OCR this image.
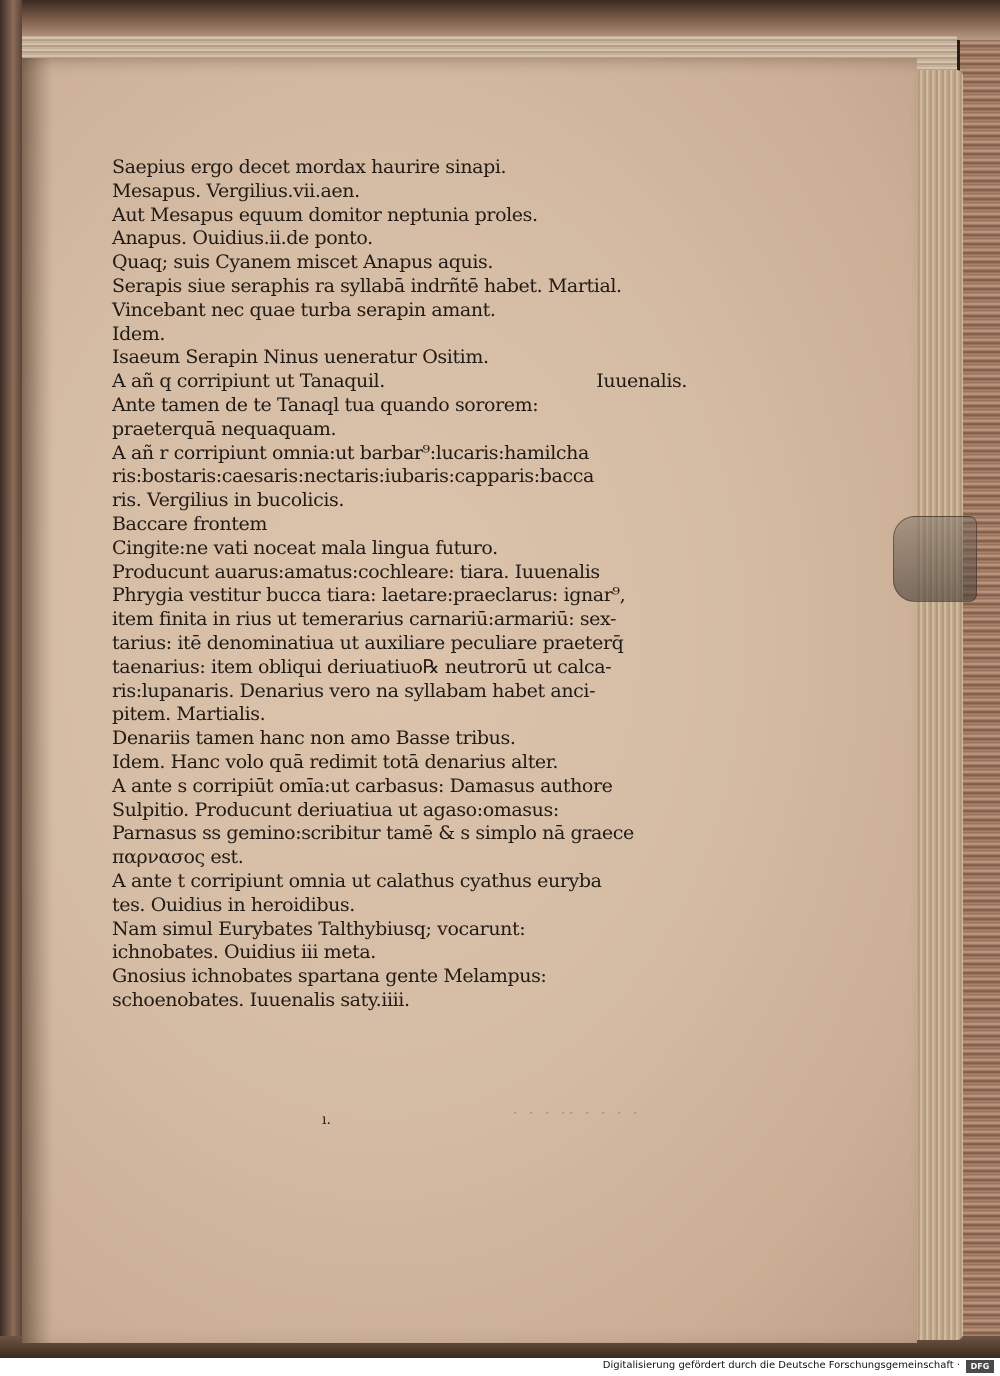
Saepius ergo decet mordax haurire sinapi.
Mesapus. Vergilius.vii.aen.
Aut Mesapus equum domitor neptunia proles.
Anapus. Ouidius.ii.de ponto.
Quaq; suis Cyanem miscet Anapus aquis.
Serapis siue seraphis ra syllabā indrñtē habet. Martial.
Vincebant nec quae turba serapin amant.
Idem.
Isaeum Serapin Ninus ueneratur Ositim.
A añ q corripiunt ut Tanaquil.	Iuuenalis.
Ante tamen de te Tanaql tua quando sororem:
praeterquā nequaquam.
A añ r corripiunt omnia:ut barbar⁹:lucaris:hamilcha
ris:bostaris:caesaris:nectaris:iubaris:capparis:bacca
ris. Vergilius in bucolicis.
Baccare frontem
Cingite:ne vati noceat mala lingua futuro.
Producunt auarus:amatus:cochleare: tiara. Iuuenalis
Phrygia vestitur bucca tiara: laetare:praeclarus: ignar⁹,
item finita in rius ut temerarius carnariū:armariū: sex-
tarius: itē denominatiua ut auxiliare peculiare praeterq̄
taenarius: item obliqui deriuatiuo℞ neutrorū ut calca-
ris:lupanaris. Denarius vero na syllabam habet anci-
pitem. Martialis.
Denariis tamen hanc non amo Basse tribus.
Idem. Hanc volo quā redimit totā denarius alter.
A ante s corripiūt omīa:ut carbasus: Damasus authore
Sulpitio. Producunt deriuatiua ut agaso:omasus:
Parnasus ss gemino:scribitur tamē & s simplo nā graece
παρνασος est.
A ante t corripiunt omnia ut calathus cyathus euryba
tes. Ouidius in heroidibus.
Nam simul Eurybates Talthybiusq; vocarunt:
ichnobates. Ouidius iii meta.
Gnosius ichnobates spartana gente Melampus:
schoenobates. Iuuenalis saty.iiii.
ı.	· · · ·· · · · ·
Digitalisierung gefördert durch die Deutsche Forschungsgemeinschaft ·	DFG
